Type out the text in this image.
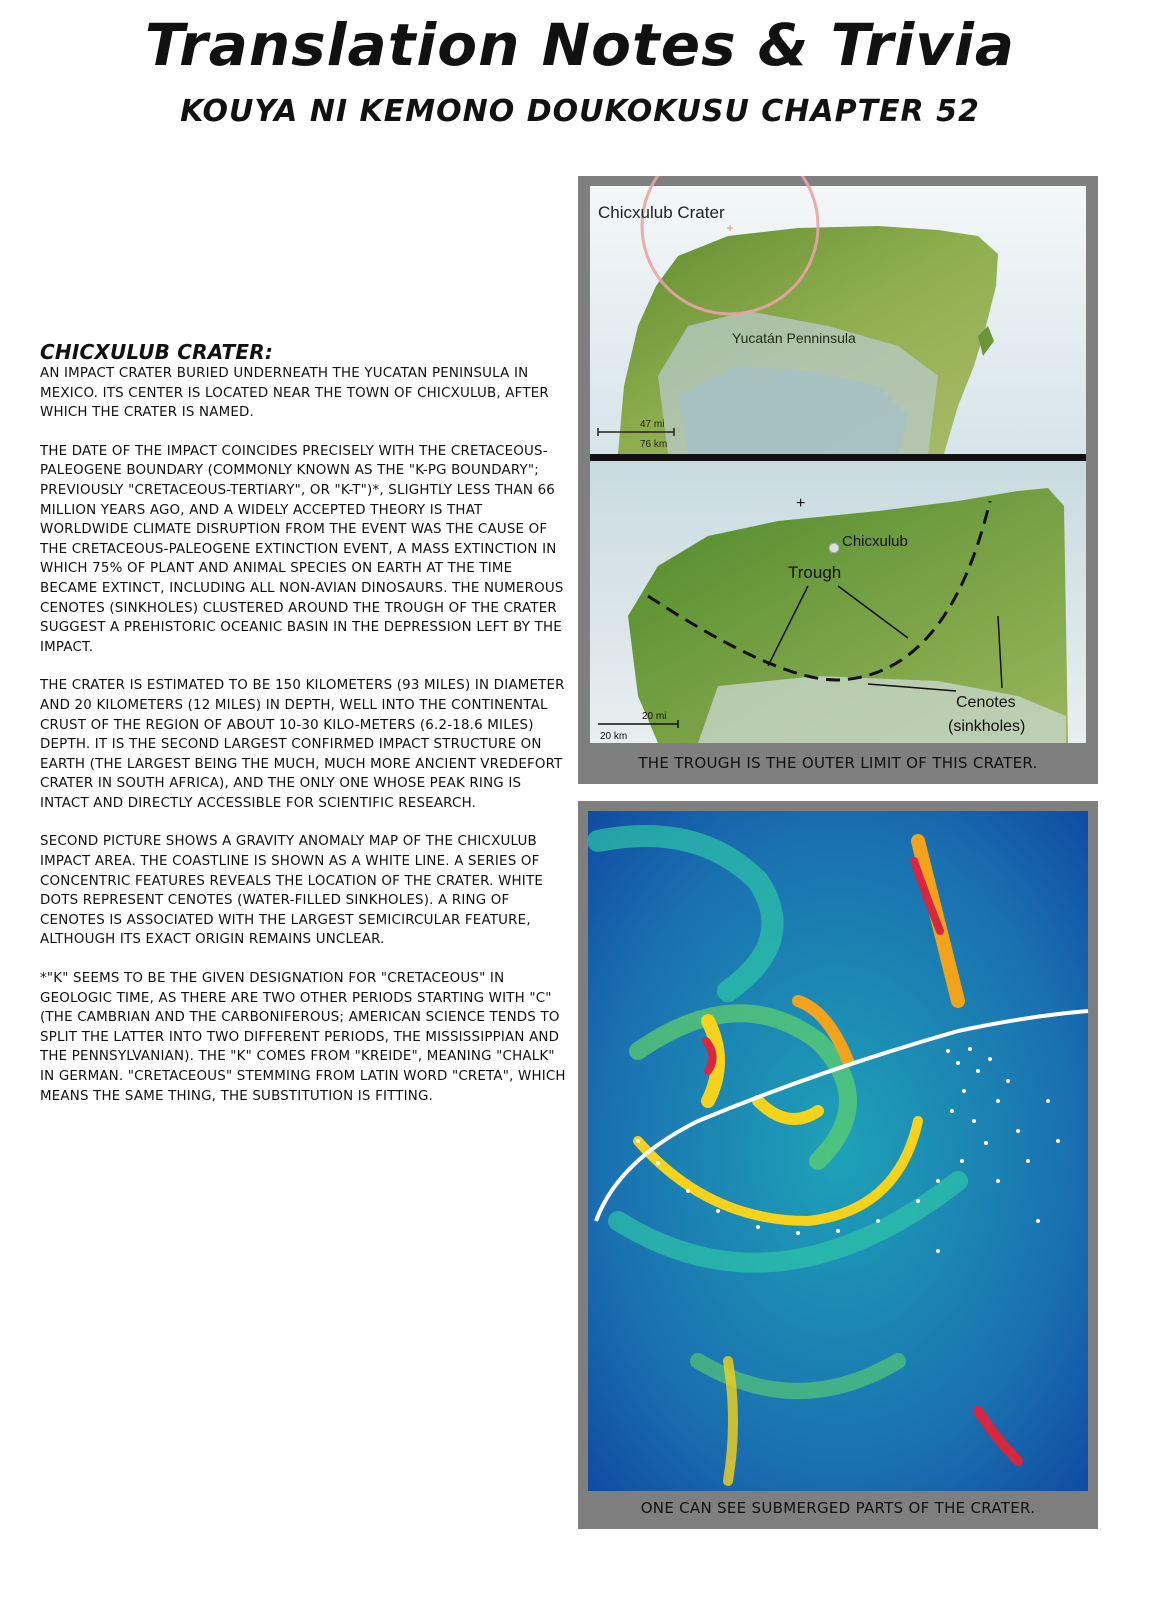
Translation Notes & Trivia
KOUYA NI KEMONO DOUKOKUSU CHAPTER 52
CHICXULUB CRATER:

AN IMPACT CRATER BURIED UNDERNEATH THE YUCATAN PENINSULA IN MEXICO. ITS CENTER IS LOCATED NEAR THE TOWN OF CHICXULUB, AFTER WHICH THE CRATER IS NAMED.

THE DATE OF THE IMPACT COINCIDES PRECISELY WITH THE CRETACEOUS-PALEOGENE BOUNDARY (COMMONLY KNOWN AS THE "K-PG BOUNDARY"; PREVIOUSLY "CRETACEOUS-TERTIARY", OR "K-T")*, SLIGHTLY LESS THAN 66 MILLION YEARS AGO, AND A WIDELY ACCEPTED THEORY IS THAT WORLDWIDE CLIMATE DISRUPTION FROM THE EVENT WAS THE CAUSE OF THE CRETACEOUS-PALEOGENE EXTINCTION EVENT, A MASS EXTINCTION IN WHICH 75% OF PLANT AND ANIMAL SPECIES ON EARTH AT THE TIME BECAME EXTINCT, INCLUDING ALL NON-AVIAN DINOSAURS. THE NUMEROUS CENOTES (SINKHOLES) CLUSTERED AROUND THE TROUGH OF THE CRATER SUGGEST A PREHISTORIC OCEANIC BASIN IN THE DEPRESSION LEFT BY THE IMPACT.

THE CRATER IS ESTIMATED TO BE 150 KILOMETERS (93 MILES) IN DIAMETER AND 20 KILOMETERS (12 MILES) IN DEPTH, WELL INTO THE CONTINENTAL CRUST OF THE REGION OF ABOUT 10-30 KILO-METERS (6.2-18.6 MILES) DEPTH. IT IS THE SECOND LARGEST CONFIRMED IMPACT STRUCTURE ON EARTH (THE LARGEST BEING THE MUCH, MUCH MORE ANCIENT VREDEFORT CRATER IN SOUTH AFRICA), AND THE ONLY ONE WHOSE PEAK RING IS INTACT AND DIRECTLY ACCESSIBLE FOR SCIENTIFIC RESEARCH.

SECOND PICTURE SHOWS A GRAVITY ANOMALY MAP OF THE CHICXULUB IMPACT AREA. THE COASTLINE IS SHOWN AS A WHITE LINE. A SERIES OF CONCENTRIC FEATURES REVEALS THE LOCATION OF THE CRATER. WHITE DOTS REPRESENT CENOTES (WATER-FILLED SINKHOLES). A RING OF CENOTES IS ASSOCIATED WITH THE LARGEST SEMICIRCULAR FEATURE, ALTHOUGH ITS EXACT ORIGIN REMAINS UNCLEAR.

*"K" SEEMS TO BE THE GIVEN DESIGNATION FOR "CRETACEOUS" IN GEOLOGIC TIME, AS THERE ARE TWO OTHER PERIODS STARTING WITH "C" (THE CAMBRIAN AND THE CARBONIFEROUS; AMERICAN SCIENCE TENDS TO SPLIT THE LATTER INTO TWO DIFFERENT PERIODS, THE MISSISSIPPIAN AND THE PENNSYLVANIAN). THE "K" COMES FROM "KREIDE", MEANING "CHALK" IN GERMAN. "CRETACEOUS" STEMMING FROM LATIN WORD "CRETA", WHICH MEANS THE SAME THING, THE SUBSTITUTION IS FITTING.

+
Chicxulub Crater
Yucatán Penninsula
47 mi
76 km
+
Chicxulub
Trough
Cenotes
(sinkholes)
20 mi
20 km
THE TROUGH IS THE OUTER LIMIT OF THIS CRATER.
ONE CAN SEE SUBMERGED PARTS OF THE CRATER.
